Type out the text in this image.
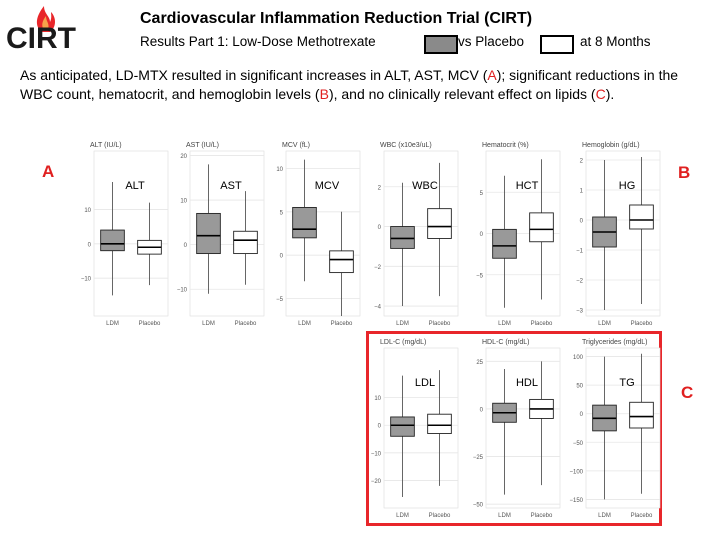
CIRT
Cardiovascular Inflammation Reduction Trial (CIRT)
Results Part 1: Low-Dose Methotrexate	vs Placebo	at 8 Months
As anticipated, LD-MTX resulted in significant increases in ALT, AST, MCV (A); significant reductions in the WBC count, hematocrit, and hemoglobin levels (B), and no clinically relevant effect on lipids (C).
A	B
C
−10
0
10
ALT (IU/L)
ALT
LDM	Placebo
−10
0
10
20
AST (IU/L)
AST
LDM	Placebo
−5
0
5
10
MCV (fL)
MCV
LDM	Placebo
−4
−2
0
2
WBC (x10e3/uL)
WBC
LDM	Placebo
−5
0
5
Hematocrit (%)
HCT
LDM	Placebo
−3
−2
−1
0
1
2
Hemoglobin (g/dL)
HG
LDM	Placebo
−20
−10
0
10
LDL-C (mg/dL)
LDL
LDM	Placebo
−50
−25
0
25
HDL-C (mg/dL)
HDL
LDM	Placebo
−150
−100
−50
0
50
100
Triglycerides (mg/dL)
TG
LDM	Placebo
